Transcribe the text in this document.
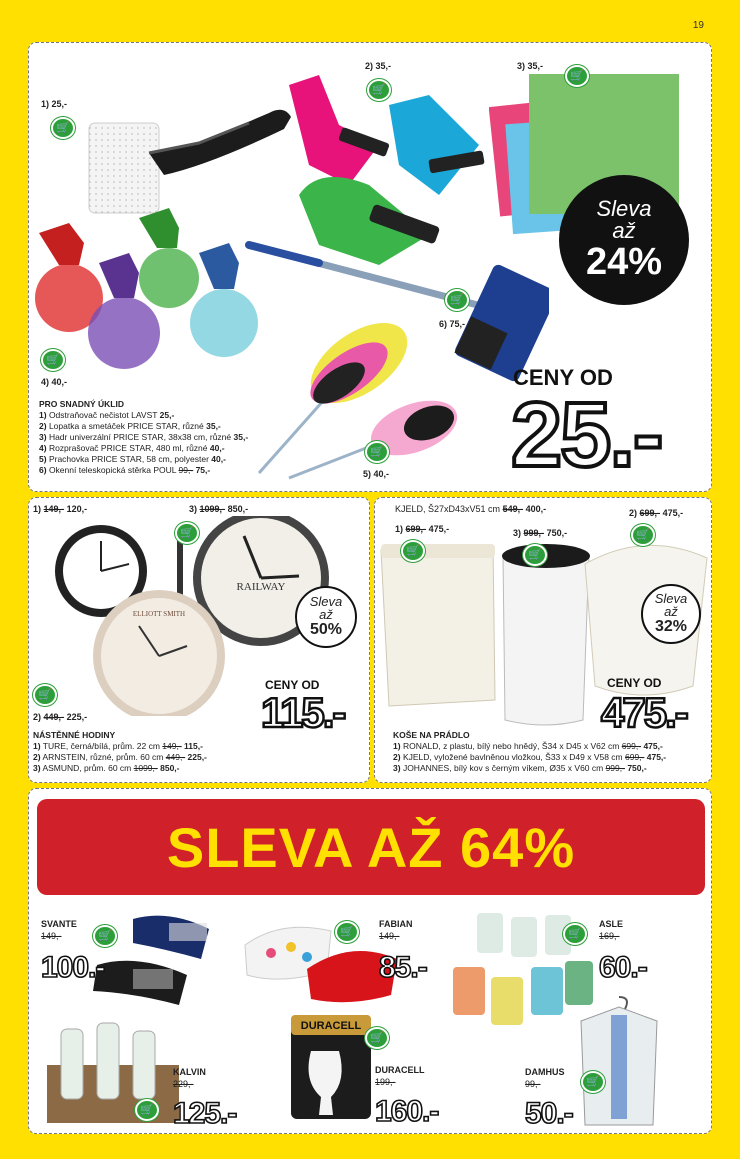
19
1) 25,-
2) 35,-	3) 35,-
4) 40,-
5) 40,-
6) 75,-
🛒
🛒
🛒
🛒
🛒
🛒
Sleva
až
24%
CENY OD
25.-
PRO SNADNÝ ÚKLID
1) Odstraňovač nečistot LAVST 25,-
2) Lopatka a smetáček PRICE STAR, různé 35,-
3) Hadr univerzální PRICE STAR, 38x38 cm, různé 35,-
4) Rozprašovač PRICE STAR, 480 ml, různé 40,-
5) Prachovka PRICE STAR, 58 cm, polyester 40,-
6) Okenní teleskopická stěrka POUL 99,- 75,-
1) 149,- 120,-	3) 1099,- 850,-
2) 449,- 225,-
RAILWAY
ELLIOTT SMITH
🛒
🛒
Sleva
až
50%
CENY OD
115.-
NÁSTĚNNÉ HODINY
1) TURE, černá/bílá, prům. 22 cm 149,- 115,-
2) ARNSTEIN, různé, prům. 60 cm 449,- 225,-
3) ASMUND, prům. 60 cm 1099,- 850,-
KJELD, Š27xD43xV51 cm 549,- 400,-
1) 699,- 475,-	3) 999,- 750,-
2) 699,- 475,-
🛒	🛒
🛒
Sleva
až
32%
CENY OD
475.-
KOŠE NA PRÁDLO
1) RONALD, z plastu, bílý nebo hnědý, Š34 x D45 x V62 cm 699,- 475,-
2) KJELD, vyložené bavlněnou vložkou, Š33 x D49 x V58 cm 699,- 475,-
3) JOHANNES, bílý kov s černým víkem, Ø35 x V60 cm 999,- 750,-
SLEVA AŽ 64%
DURACELL
SVANTE
149,-
100.-
FABIAN
149,-
85.-
ASLE
169,-
60.-
KALVIN
229,-
125.-
DURACELL
199,-
160.-
DAMHUS
99,-
50.-
🛒	🛒	🛒
🛒
🛒
🛒
